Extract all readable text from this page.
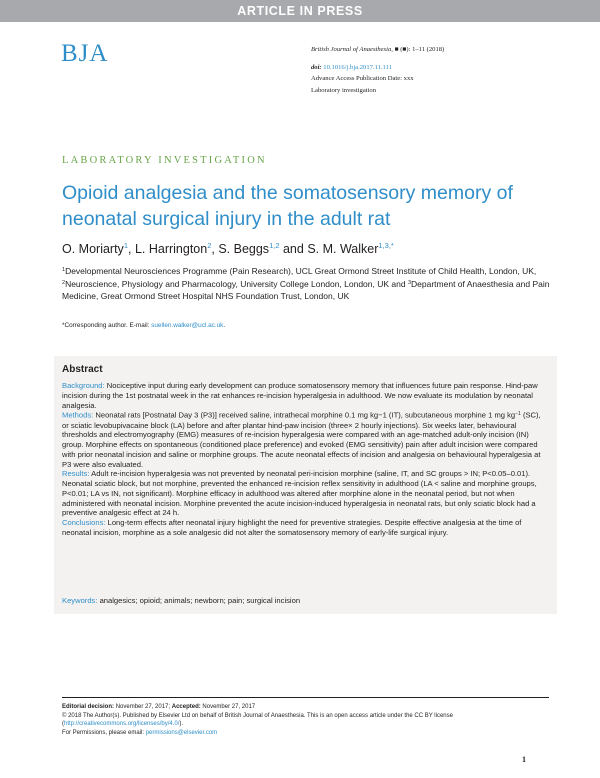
ARTICLE IN PRESS
BJA	British Journal of Anaesthesia, ■ (■): 1–11 (2018)
doi: 10.1016/j.bja.2017.11.111
Advance Access Publication Date: xxx
Laboratory investigation
LABORATORY INVESTIGATION
Opioid analgesia and the somatosensory memory of neonatal surgical injury in the adult rat
O. Moriarty$^1$, L. Harrington$^2$, S. Beggs$^{1,2}$ and S. M. Walker$^{1,3,*}$
$^1$Developmental Neurosciences Programme (Pain Research), UCL Great Ormond Street Institute of Child Health, London, UK, $^2$Neuroscience, Physiology and Pharmacology, University College London, London, UK and $^3$Department of Anaesthesia and Pain Medicine, Great Ormond Street Hospital NHS Foundation Trust, London, UK
*Corresponding author. E-mail: suellen.walker@ucl.ac.uk.
Abstract

Background: Nociceptive input during early development can produce somatosensory memory that influences future pain response. Hind-paw incision during the 1st postnatal week in the rat enhances re-incision hyperalgesia in adulthood. We now evaluate its modulation by neonatal analgesia.

Methods: Neonatal rats [Postnatal Day 3 (P3)] received saline, intrathecal morphine 0.1 mg kg−1 (IT), subcutaneous morphine 1 mg $kg^{-1}$ (SC), or sciatic levobupivacaine block (LA) before and after plantar hind-paw incision (three× 2 hourly injections). Six weeks later, behavioural thresholds and electromyography (EMG) measures of re-incision hyperalgesia were compared with an age-matched adult-only incision (IN) group. Morphine effects on spontaneous (conditioned place preference) and evoked (EMG sensitivity) pain after adult incision were compared with prior neonatal incision and saline or morphine groups. The acute neonatal effects of incision and analgesia on behavioural hyperalgesia at P3 were also evaluated.

Results: Adult re-incision hyperalgesia was not prevented by neonatal peri-incision morphine (saline, IT, and SC groups > IN; P<0.05–0.01). Neonatal sciatic block, but not morphine, prevented the enhanced re-incision reflex sensitivity in adulthood (LA < saline and morphine groups, P<0.01; LA vs IN, not significant). Morphine efficacy in adulthood was altered after morphine alone in the neonatal period, but not when administered with neonatal incision. Morphine prevented the acute incision-induced hyperalgesia in neonatal rats, but only sciatic block had a preventive analgesic effect at 24 h.

Conclusions: Long-term effects after neonatal injury highlight the need for preventive strategies. Despite effective analgesia at the time of neonatal incision, morphine as a sole analgesic did not alter the somatosensory memory of early-life surgical injury.

Keywords: analgesics; opioid; animals; newborn; pain; surgical incision
Editorial decision: November 27, 2017; Accepted: November 27, 2017
© 2018 The Author(s). Published by Elsevier Ltd on behalf of British Journal of Anaesthesia. This is an open access article under the CC BY license (http://creativecommons.org/licenses/by/4.0/).
For Permissions, please email: permissions@elsevier.com
1
